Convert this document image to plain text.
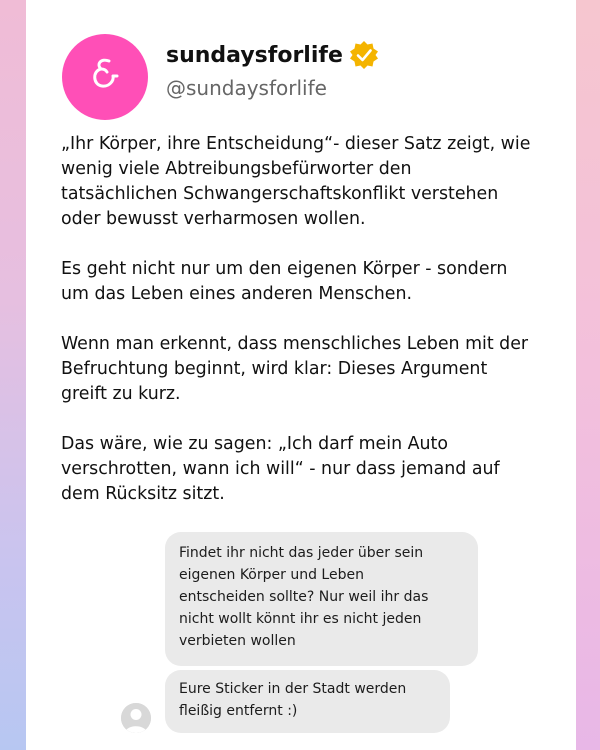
sundaysforlife
@sundaysforlife

„Ihr Körper, ihre Entscheidung“- dieser Satz zeigt, wie
wenig viele Abtreibungsbefürworter den
tatsächlichen Schwangerschaftskonflikt verstehen
oder bewusst verharmosen wollen.

Es geht nicht nur um den eigenen Körper - sondern
um das Leben eines anderen Menschen.

Wenn man erkennt, dass menschliches Leben mit der
Befruchtung beginnt, wird klar: Dieses Argument
greift zu kurz.

Das wäre, wie zu sagen: „Ich darf mein Auto
verschrotten, wann ich will“ - nur dass jemand auf
dem Rücksitz sitzt.

Findet ihr nicht das jeder über sein
eigenen Körper und Leben
entscheiden sollte? Nur weil ihr das
nicht wollt könnt ihr es nicht jeden
verbieten wollen
Eure Sticker in der Stadt werden
fleißig entfernt :)
